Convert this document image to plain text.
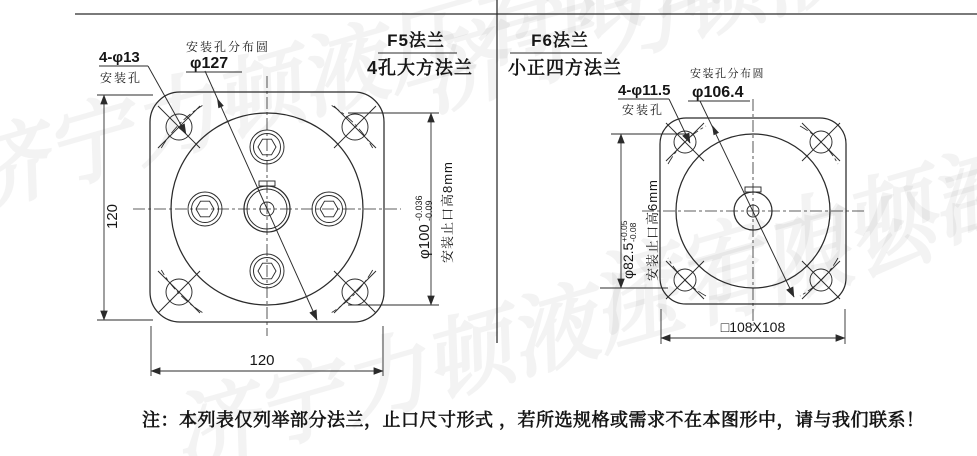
F5法兰
4孔大方法兰
安装孔分布圆
φ127
4-φ13
安装孔
120
120
φ100
-0.036 -0.09 安装止口高8mm
F6法兰
小正四方法兰	安装孔分布圆
φ106.4
4-φ11.5
安装孔
φ82.5
+0.05 -0.08 安装止口高6mm
□108X108
注：本列表仅列举部分法兰，止口尺寸形式 ，若所选规格或需求不在本图形中，请与我们联系！
